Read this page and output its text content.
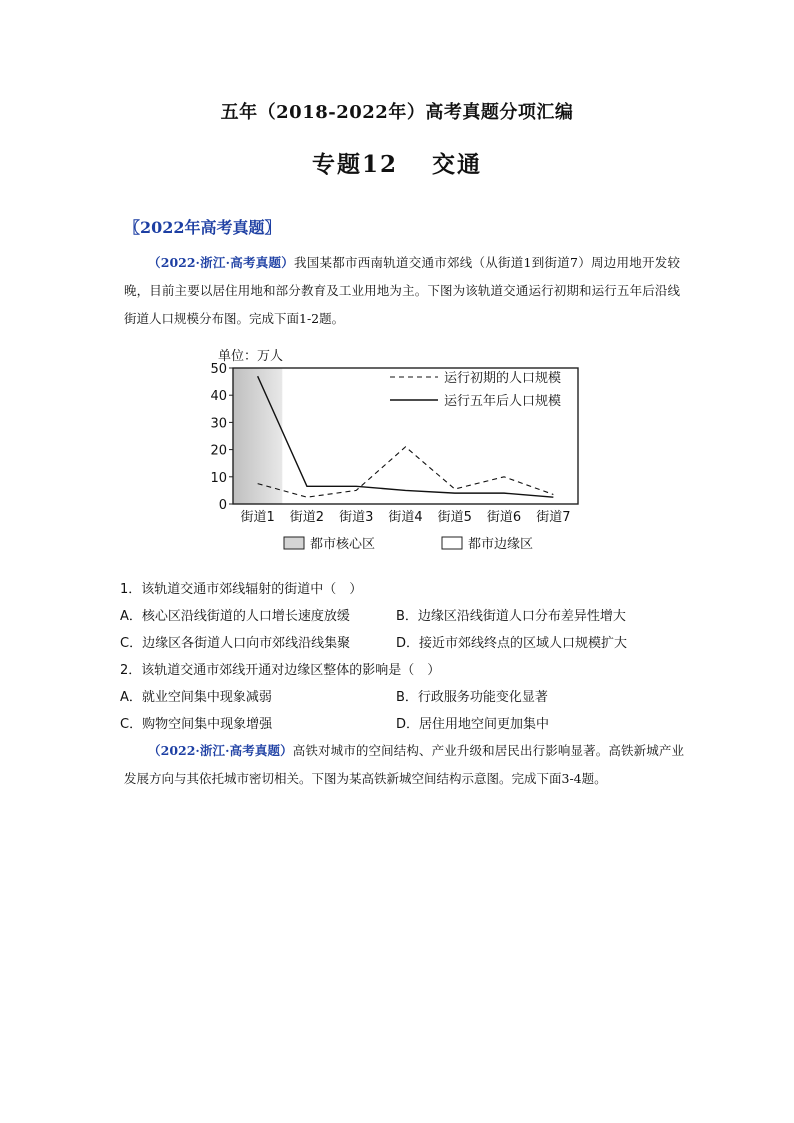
五年（2018-2022年）高考真题分项汇编
专题12 交通
〖2022年高考真题〗
（2022·浙江·高考真题）我国某都市西南轨道交通市郊线（从街道1到街道7）周边用地开发较晚，目前主要以居住用地和部分教育及工业用地为主。下图为该轨道交通运行初期和运行五年后沿线街道人口规模分布图。完成下面1-2题。
单位：万人
0
10
20
30
40
50
街道1 街道2 街道3 街道4 街道5 街道6 街道7
运行初期的人口规模
运行五年后人口规模
都市核心区	都市边缘区
1．该轨道交通市郊线辐射的街道中（　）
A．核心区沿线街道的人口增长速度放缓	B．边缘区沿线街道人口分布差异性增大
C．边缘区各街道人口向市郊线沿线集聚	D．接近市郊线终点的区域人口规模扩大
2．该轨道交通市郊线开通对边缘区整体的影响是（　）
A．就业空间集中现象减弱	B．行政服务功能变化显著
C．购物空间集中现象增强	D．居住用地空间更加集中
（2022·浙江·高考真题）高铁对城市的空间结构、产业升级和居民出行影响显著。高铁新城产业发展方向与其依托城市密切相关。下图为某高铁新城空间结构示意图。完成下面3-4题。
